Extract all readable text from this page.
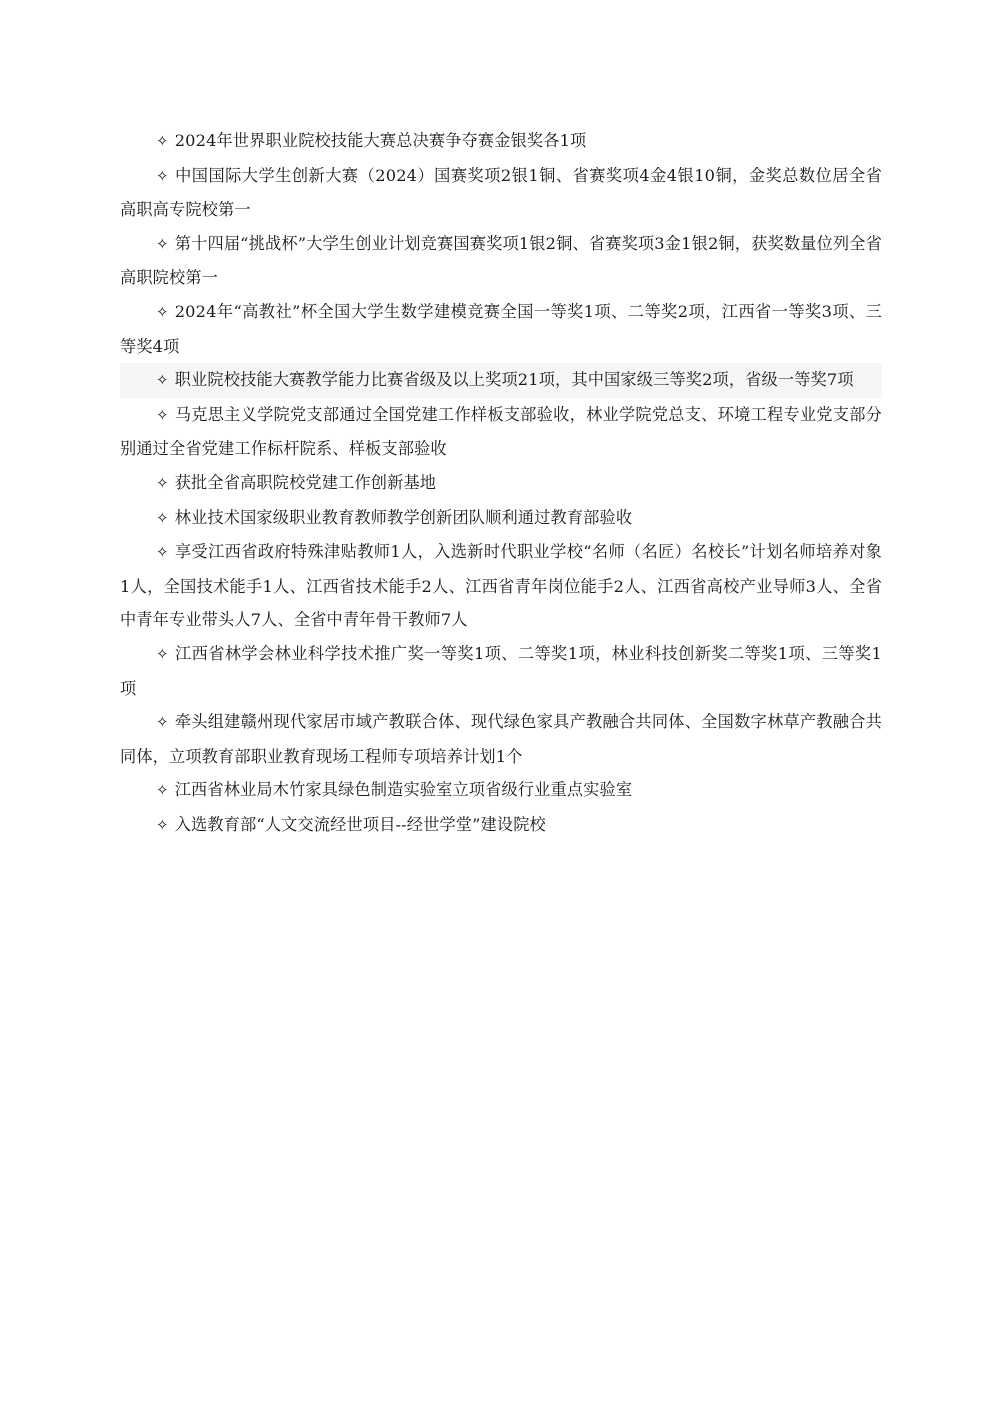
✧ 2024年世界职业院校技能大赛总决赛争夺赛金银奖各1项

✧ 中国国际大学生创新大赛（2024）国赛奖项2银1铜、省赛奖项4金4银10铜，金奖总数位居全省高职高专院校第一

✧ 第十四届“挑战杯”大学生创业计划竞赛国赛奖项1银2铜、省赛奖项3金1银2铜，获奖数量位列全省高职院校第一

✧ 2024年“高教社”杯全国大学生数学建模竞赛全国一等奖1项、二等奖2项，江西省一等奖3项、三等奖4项

✧ 职业院校技能大赛教学能力比赛省级及以上奖项21项，其中国家级三等奖2项，省级一等奖7项

✧ 马克思主义学院党支部通过全国党建工作样板支部验收，林业学院党总支、环境工程专业党支部分别通过全省党建工作标杆院系、样板支部验收

✧ 获批全省高职院校党建工作创新基地

✧ 林业技术国家级职业教育教师教学创新团队顺利通过教育部验收

✧ 享受江西省政府特殊津贴教师1人，入选新时代职业学校“名师（名匠）名校长”计划名师培养对象1人，全国技术能手1人、江西省技术能手2人、江西省青年岗位能手2人、江西省高校产业导师3人、全省中青年专业带头人7人、全省中青年骨干教师7人

✧ 江西省林学会林业科学技术推广奖一等奖1项、二等奖1项，林业科技创新奖二等奖1项、三等奖1项

✧ 牵头组建赣州现代家居市域产教联合体、现代绿色家具产教融合共同体、全国数字林草产教融合共同体，立项教育部职业教育现场工程师专项培养计划1个

✧ 江西省林业局木竹家具绿色制造实验室立项省级行业重点实验室

✧ 入选教育部“人文交流经世项目--经世学堂”建设院校
